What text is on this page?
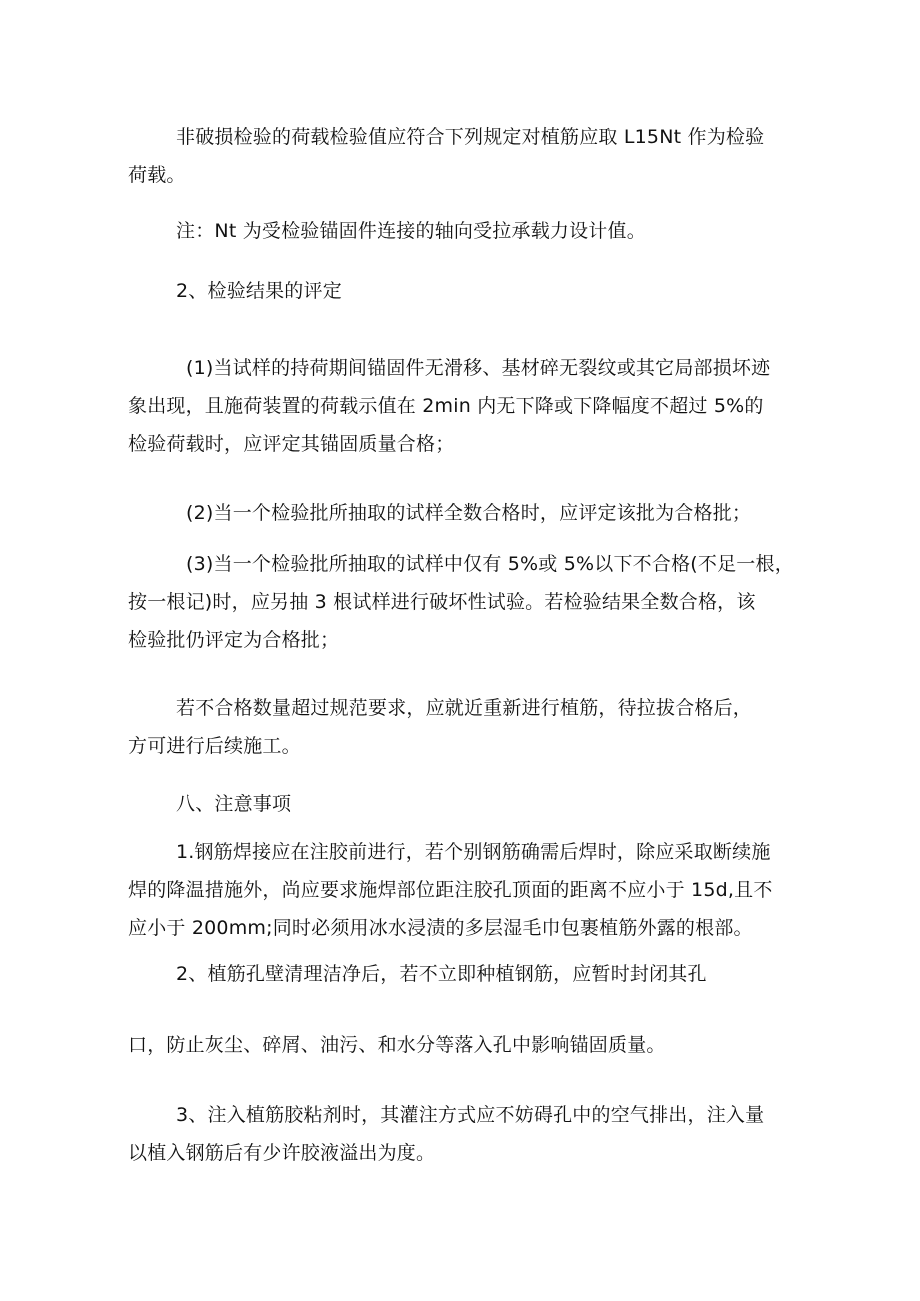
非破损检验的荷载检验值应符合下列规定对植筋应取 L15Nt 作为检验
荷载。
注：Nt 为受检验锚固件连接的轴向受拉承载力设计值。
2、检验结果的评定
(1)当试样的持荷期间锚固件无滑移、基材碎无裂纹或其它局部损坏迹
象出现，且施荷装置的荷载示值在 2min 内无下降或下降幅度不超过 5%的
检验荷载时，应评定其锚固质量合格；
(2)当一个检验批所抽取的试样全数合格时，应评定该批为合格批；
(3)当一个检验批所抽取的试样中仅有 5%或 5%以下不合格(不足一根，
按一根记)时，应另抽 3 根试样进行破坏性试验。若检验结果全数合格，该
检验批仍评定为合格批；
若不合格数量超过规范要求，应就近重新进行植筋，待拉拔合格后，
方可进行后续施工。
八、注意事项
1.钢筋焊接应在注胶前进行，若个别钢筋确需后焊时，除应采取断续施
焊的降温措施外，尚应要求施焊部位距注胶孔顶面的距离不应小于 15d,且不
应小于 200mm;同时必须用冰水浸渍的多层湿毛巾包裹植筋外露的根部。
2、植筋孔壁清理洁净后，若不立即种植钢筋，应暂时封闭其孔
口，防止灰尘、碎屑、油污、和水分等落入孔中影响锚固质量。
3、注入植筋胶粘剂时，其灌注方式应不妨碍孔中的空气排出，注入量
以植入钢筋后有少许胶液溢出为度。
